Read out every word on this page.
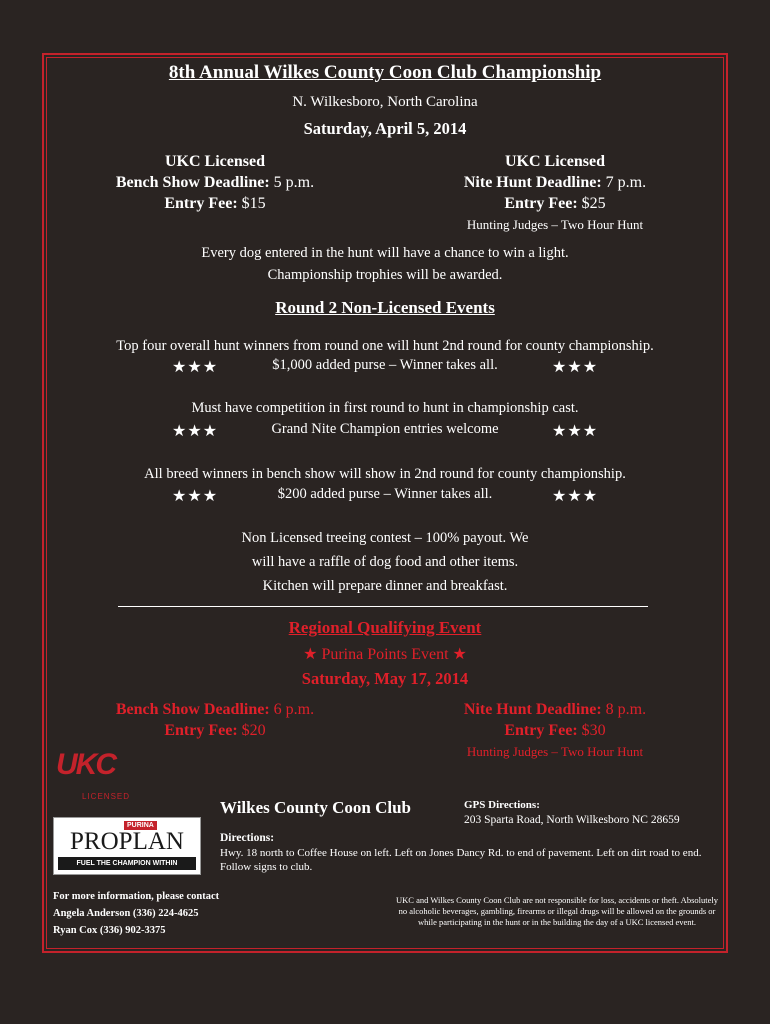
8th Annual Wilkes County Coon Club Championship
N. Wilkesboro, North Carolina
Saturday, April 5, 2014
UKC Licensed
Bench Show Deadline: 5 p.m.
Entry Fee: $15
UKC Licensed
Nite Hunt Deadline: 7 p.m.
Entry Fee: $25
Hunting Judges – Two Hour Hunt
Every dog entered in the hunt will have a chance to win a light.
Championship trophies will be awarded.
Round 2 Non-Licensed Events
Top four overall hunt winners from round one will hunt 2nd round for county championship.
★★★	$1,000 added purse – Winner takes all.	★★★
Must have competition in first round to hunt in championship cast.
★★★	Grand Nite Champion entries welcome	★★★
All breed winners in bench show will show in 2nd round for county championship.
★★★	$200 added purse – Winner takes all.	★★★
Non Licensed treeing contest – 100% payout. We
will have a raffle of dog food and other items.
Kitchen will prepare dinner and breakfast.
Regional Qualifying Event
★ Purina Points Event ★
Saturday, May 17, 2014
Bench Show Deadline: 6 p.m.
Entry Fee: $20
Nite Hunt Deadline: 8 p.m.
Entry Fee: $30
Hunting Judges – Two Hour Hunt
UKC
LICENSED
PURINA
PROPLAN
FUEL THE CHAMPION WITHIN
Wilkes County Coon Club	GPS Directions:
203 Sparta Road, North Wilkesboro NC 28659
Directions:
Hwy. 18 north to Coffee House on left. Left on Jones Dancy Rd. to end of pavement. Left on dirt road to end. Follow signs to club.
For more information, please contact
Angela Anderson (336) 224-4625
Ryan Cox (336) 902-3375
UKC and Wilkes County Coon Club are not responsible for loss, accidents or theft. Absolutely no alcoholic beverages, gambling, firearms or illegal drugs will be allowed on the grounds or while participating in the hunt or in the building the day of a UKC licensed event.
